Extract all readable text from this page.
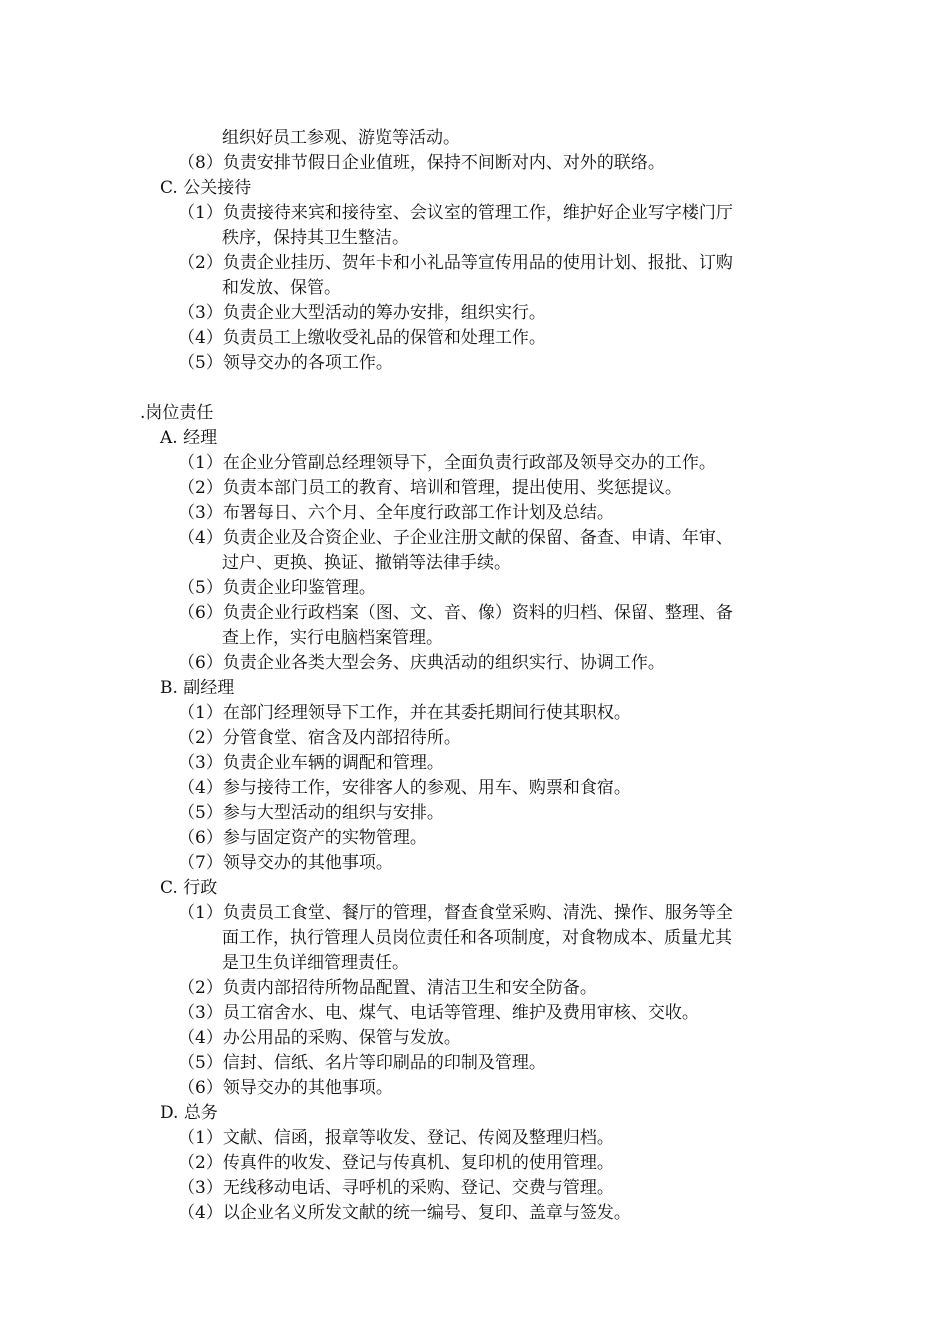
组织好员工参观、游览等活动。
（8）负责安排节假日企业值班，保持不间断对内、对外的联络。
C. 公关接待
（1）负责接待来宾和接待室、会议室的管理工作，维护好企业写字楼门厅
秩序，保持其卫生整洁。
（2）负责企业挂历、贺年卡和小礼品等宣传用品的使用计划、报批、订购
和发放、保管。
（3）负责企业大型活动的筹办安排，组织实行。
（4）负责员工上缴收受礼品的保管和处理工作。
（5）领导交办的各项工作。
.岗位责任
A. 经理
（1）在企业分管副总经理领导下，全面负责行政部及领导交办的工作。
（2）负责本部门员工的教育、培训和管理，提出使用、奖惩提议。
（3）布署每日、六个月、全年度行政部工作计划及总结。
（4）负责企业及合资企业、子企业注册文献的保留、备查、申请、年审、
过户、更换、换证、撤销等法律手续。
（5）负责企业印鉴管理。
（6）负责企业行政档案（图、文、音、像）资料的归档、保留、整理、备
查上作，实行电脑档案管理。
（6）负责企业各类大型会务、庆典活动的组织实行、协调工作。
B. 副经理
（1）在部门经理领导下工作，并在其委托期间行使其职权。
（2）分管食堂、宿含及内部招待所。
（3）负责企业车辆的调配和管理。
（4）参与接待工作，安徘客人的参观、用车、购票和食宿。
（5）参与大型活动的组织与安排。
（6）参与固定资产的实物管理。
（7）领导交办的其他事项。
C. 行政
（1）负责员工食堂、餐厅的管理，督查食堂采购、清洗、操作、服务等全
面工作，执行管理人员岗位责任和各项制度，对食物成本、质量尤其
是卫生负详细管理责任。
（2）负责内部招待所物品配置、清洁卫生和安全防备。
（3）员工宿舍水、电、煤气、电话等管理、维护及费用审核、交收。
（4）办公用品的采购、保管与发放。
（5）信封、信纸、名片等印刷品的印制及管理。
（6）领导交办的其他事项。
D. 总务
（1）文献、信函，报章等收发、登记、传阅及整理归档。
（2）传真件的收发、登记与传真机、复印机的使用管理。
（3）无线移动电话、寻呼机的采购、登记、交费与管理。
（4）以企业名义所发文献的统一编号、复印、盖章与签发。
